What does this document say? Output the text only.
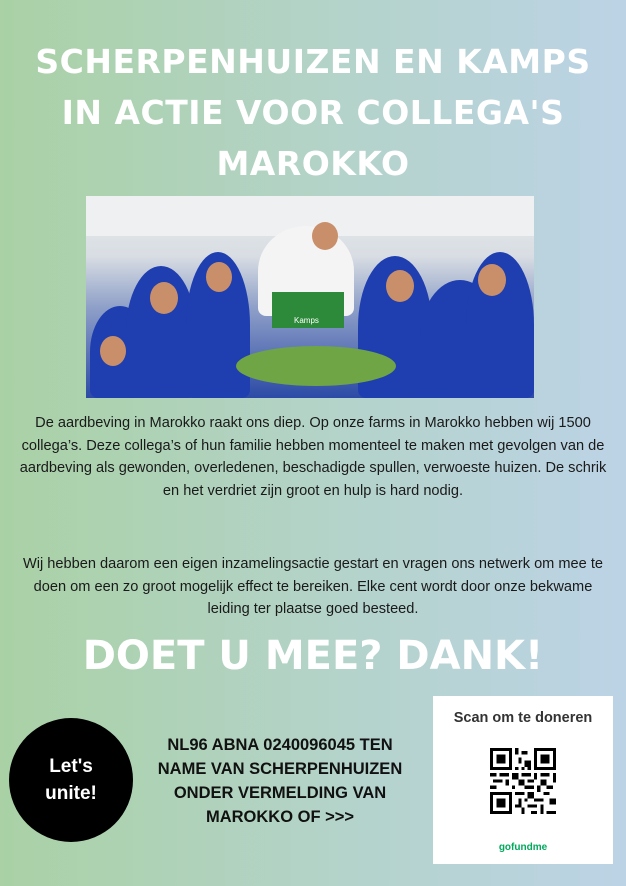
SCHERPENHUIZEN EN KAMPS
IN ACTIE VOOR COLLEGA'S
MAROKKO
Kamps
De aardbeving in Marokko raakt ons diep. Op onze farms in Marokko hebben wij 1500 collega’s. Deze collega’s of hun familie hebben momenteel te maken met gevolgen van de aardbeving als gewonden, overledenen, beschadigde spullen, verwoeste huizen. De schrik en het verdriet zijn groot en hulp is hard nodig.
Wij hebben daarom een eigen inzamelingsactie gestart en vragen ons netwerk om mee te doen om een zo groot mogelijk effect te bereiken. Elke cent wordt door onze bekwame leiding ter plaatse goed besteed.
DOET U MEE? DANK!
Let's
unite!
NL96 ABNA 0240096045 TEN
NAME VAN SCHERPENHUIZEN
ONDER VERMELDING VAN
MAROKKO OF >>>
Scan om te doneren
gofundme
